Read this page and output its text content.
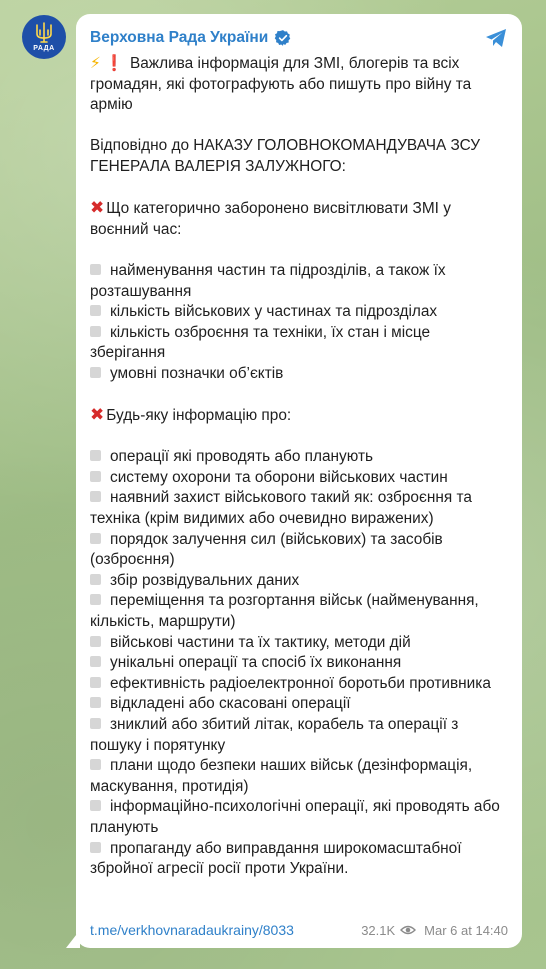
РАДА
Верховна Рада України
⚡ ❗ Важлива інформація для ЗМІ, блогерів та всіх громадян, які фотографують або пишуть про війну та армію
Відповідно до НАКАЗУ ГОЛОВНОКОМАНДУВАЧА ЗСУ ГЕНЕРАЛА ВАЛЕРІЯ ЗАЛУЖНОГО:
✖ Що категорично заборонено висвітлювати ЗМІ у воєнний час:
найменування частин та підрозділів, а також їх розташування
кількість військових у частинах та підрозділах
кількість озброєння та техніки, їх стан і місце зберігання
умовні позначки об’єктів
✖ Будь-яку інформацію про:
операції які проводять або планують
систему охорони та оборони військових частин
наявний захист військового такий як: озброєння та техніка (крім видимих або очевидно виражених)
порядок залучення сил (військових) та засобів (озброєння)
збір розвідувальних даних
переміщення та розгортання військ (найменування, кількість, маршрути)
військові частини та їх тактику, методи дій
унікальні операції та спосіб їх виконання
ефективність радіоелектронної боротьби противника
відкладені або скасовані операції
зниклий або збитий літак, корабель та операції з пошуку і порятунку
плани щодо безпеки наших військ (дезінформація, маскування, протидія)
інформаційно-психологічні операції, які проводять або планують
пропаганду або виправдання широкомасштабної збройної агресії росії проти України.
t.me/verkhovnaradaukrainy/8033	32.1K Mar 6 at 14:40
